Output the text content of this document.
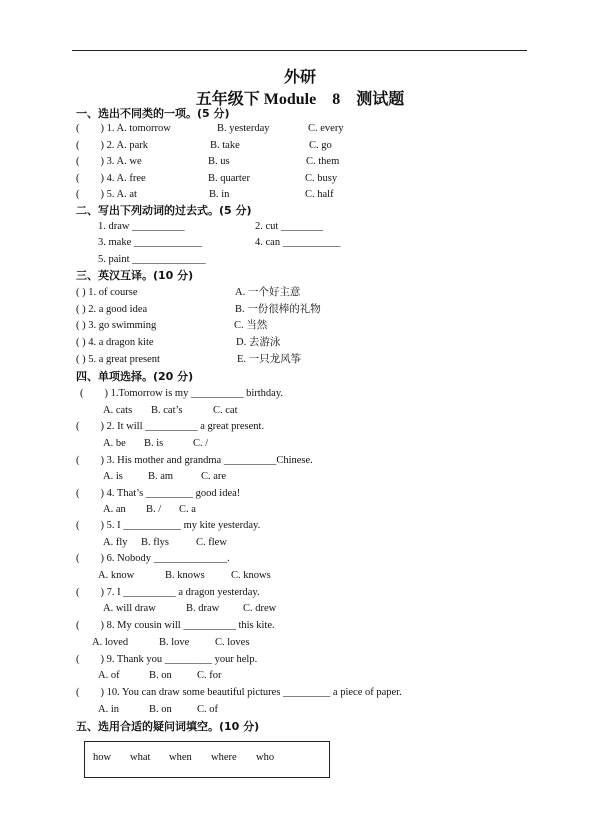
外研
五年级下 Module　8　测试题
一、选出不同类的一项。(5 分)
(　　) 1. A. tomorrow	B. yesterday	C. every
(　　) 2. A. park	B. take	C. go
(　　) 3. A. we	B. us	C. them
(　　) 4. A. free	B. quarter	C. busy
(　　) 5. A. at	B. in	C. half
二、写出下列动词的过去式。(5 分)
1. draw __________	2. cut ________
3. make _____________	4. can ___________
5. paint ______________
三、英汉互译。(10 分)
( ) 1. of course	A. 一个好主意
( ) 2. a good idea	B. 一份很棒的礼物
( ) 3. go swimming	C. 当然
( ) 4. a dragon kite	D. 去游泳
( ) 5. a great present	E. 一只龙风筝
四、单项选择。(20 分)
(　　) 1.Tomorrow is my __________ birthday.
A. cats B. cat’s	C. cat
(　　) 2. It will __________ a great present.
A. be B. is	C. /
(　　) 3. His mother and grandma __________Chinese.
A. is B. am	C. are
(　　) 4. That’s _________ good idea!
A. an B. / C. a
(　　) 5. I ___________ my kite yesterday.
A. fly B. flys	C. flew
(　　) 6. Nobody ______________.
A. know	B. knows	C. knows
(　　) 7. I __________ a dragon yesterday.
A. will draw	B. draw C. drew
(　　) 8. My cousin will __________ this kite.
A. loved	B. love C. loves
(　　) 9. Thank you _________ your help.
A. of	B. on C. for
(　　) 10. You can draw some beautiful pictures _________ a piece of paper.
A. in	B. on C. of
五、选用合适的疑问词填空。(10 分)
how what when where who
